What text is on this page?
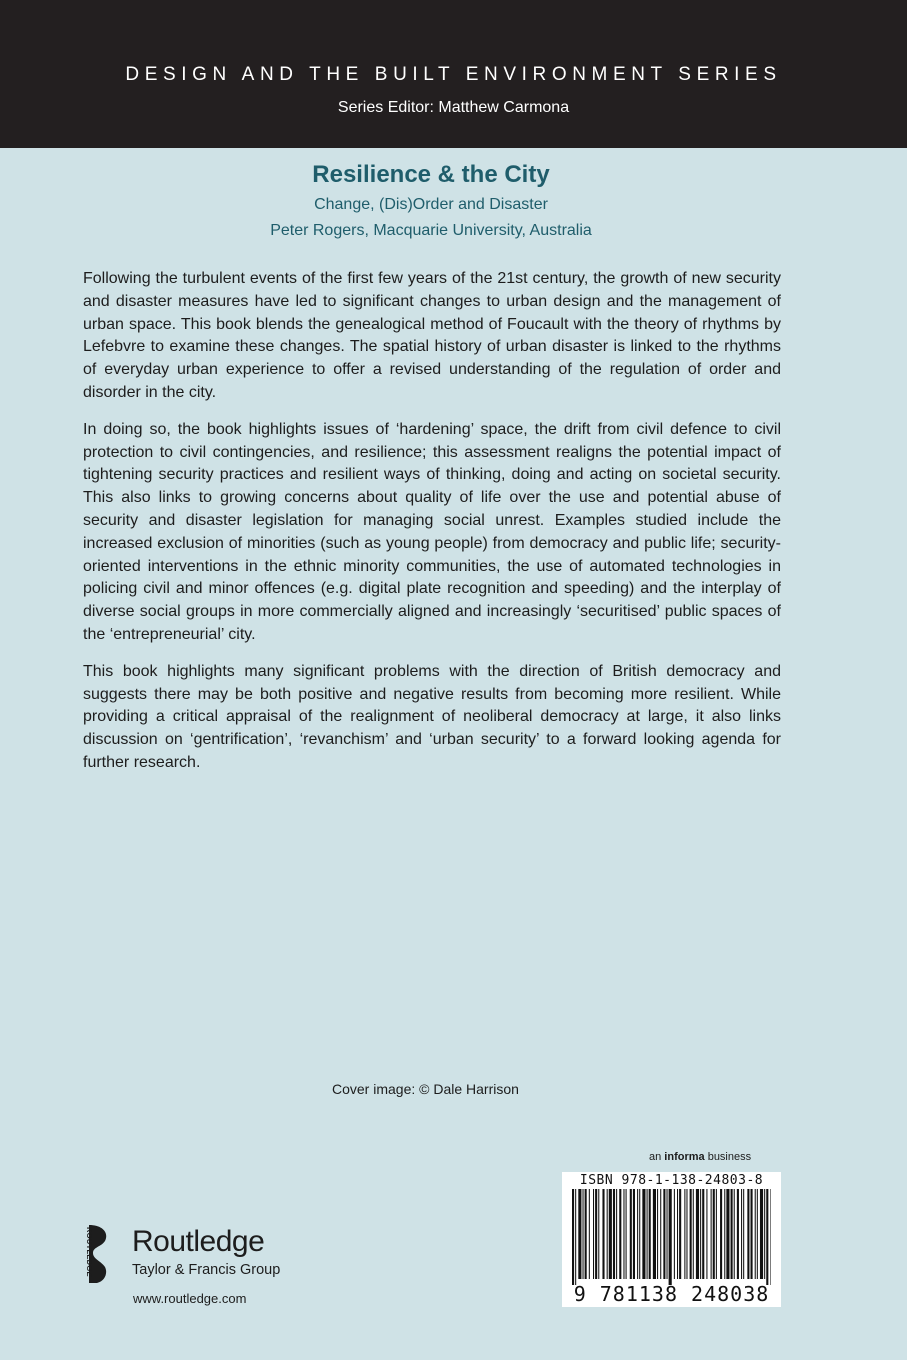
DESIGN AND THE BUILT ENVIRONMENT SERIES
Series Editor: Matthew Carmona
Resilience & the City
Change, (Dis)Order and Disaster
Peter Rogers, Macquarie University, Australia

Following the turbulent events of the first few years of the 21st century, the growth of new security and disaster measures have led to significant changes to urban design and the management of urban space. This book blends the genealogical method of Foucault with the theory of rhythms by Lefebvre to examine these changes. The spatial history of urban disaster is linked to the rhythms of everyday urban experience to offer a revised understanding of the regulation of order and disorder in the city.

In doing so, the book highlights issues of ‘hardening’ space, the drift from civil defence to civil protection to civil contingencies, and resilience; this assessment realigns the potential impact of tightening security practices and resilient ways of thinking, doing and acting on societal security. This also links to growing concerns about quality of life over the use and potential abuse of security and disaster legislation for managing social unrest. Examples studied include the increased exclusion of minorities (such as young people) from democracy and public life; security-oriented interventions in the ethnic minority communities, the use of automated technologies in policing civil and minor offences (e.g. digital plate recognition and speeding) and the interplay of diverse social groups in more commercially aligned and increasingly ‘securitised’ public spaces of the ‘entrepreneurial’ city.

This book highlights many significant problems with the direction of British democracy and suggests there may be both positive and negative results from becoming more resilient. While providing a critical appraisal of the realignment of neoliberal democracy at large, it also links discussion on ‘gentrification’, ‘revanchism’ and ‘urban security’ to a forward looking agenda for further research.

Cover image: © Dale Harrison
an informa business
ISBN 978-1-138-24803-8
9 781138 248038
ROUTLEDGE Routledge
Taylor & Francis Group
www.routledge.com
